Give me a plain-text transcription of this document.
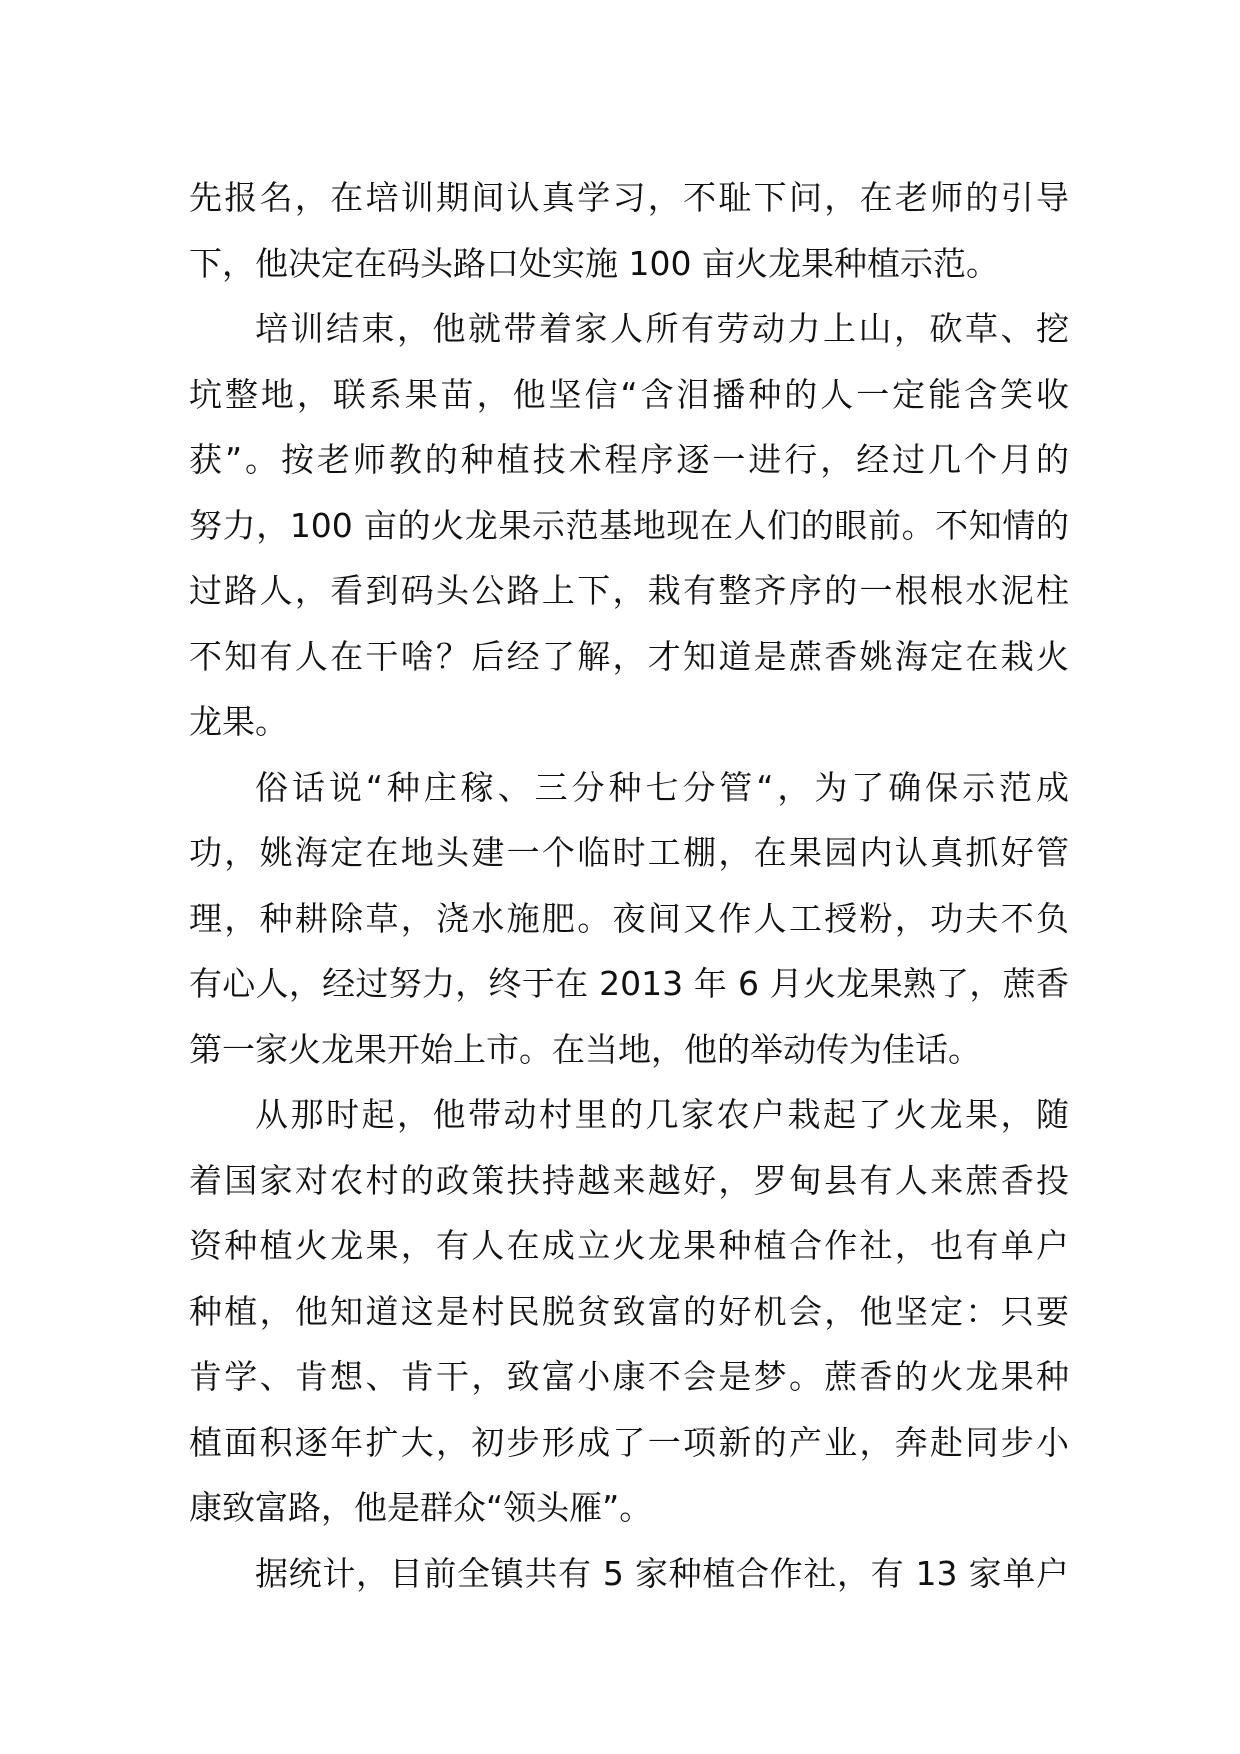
先报名，在培训期间认真学习，不耻下问，在老师的引导
下，他决定在码头路口处实施 100 亩火龙果种植示范。
培训结束，他就带着家人所有劳动力上山，砍草、挖
坑整地，联系果苗，他坚信“含泪播种的人一定能含笑收
获”。按老师教的种植技术程序逐一进行，经过几个月的
努力，100 亩的火龙果示范基地现在人们的眼前。不知情的
过路人，看到码头公路上下，栽有整齐序的一根根水泥柱
不知有人在干啥？后经了解，才知道是蔗香姚海定在栽火
龙果。
俗话说“种庄稼、三分种七分管“，为了确保示范成
功，姚海定在地头建一个临时工棚，在果园内认真抓好管
理，种耕除草，浇水施肥。夜间又作人工授粉，功夫不负
有心人，经过努力，终于在 2013 年 6 月火龙果熟了，蔗香
第一家火龙果开始上市。在当地，他的举动传为佳话。
从那时起，他带动村里的几家农户栽起了火龙果，随
着国家对农村的政策扶持越来越好，罗甸县有人来蔗香投
资种植火龙果，有人在成立火龙果种植合作社，也有单户
种植，他知道这是村民脱贫致富的好机会，他坚定：只要
肯学、肯想、肯干，致富小康不会是梦。蔗香的火龙果种
植面积逐年扩大，初步形成了一项新的产业，奔赴同步小
康致富路，他是群众“领头雁”。
据统计，目前全镇共有 5 家种植合作社，有 13 家单户
